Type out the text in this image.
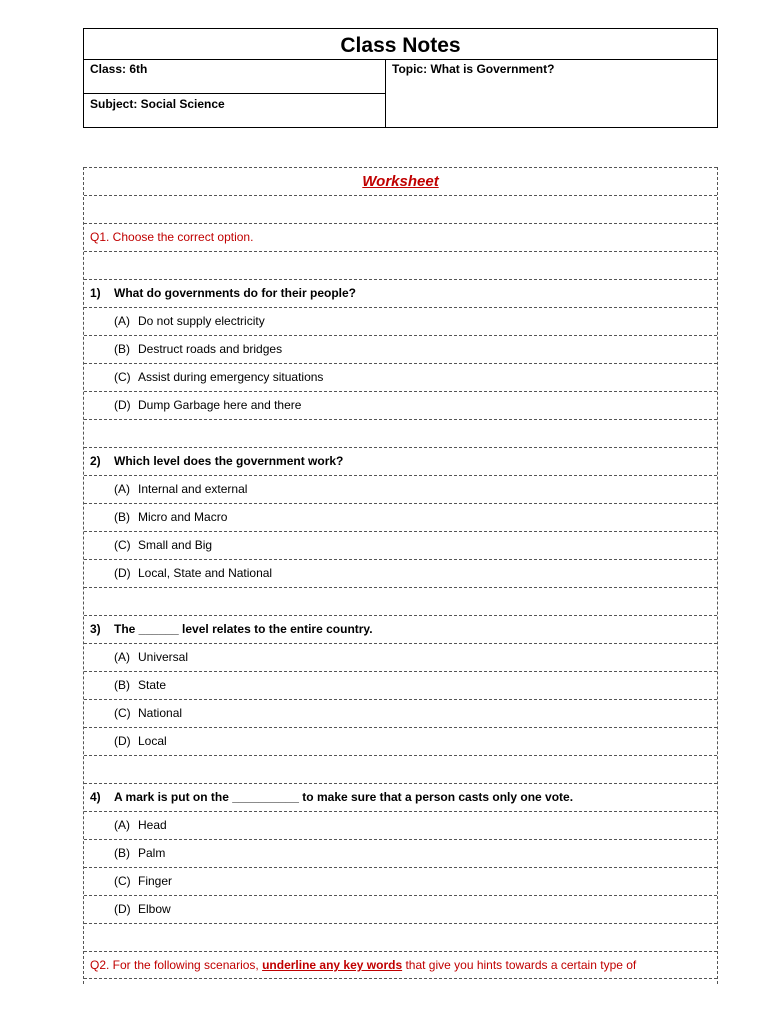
Class Notes
Class: 6th
Subject: Social Science
Topic: What is Government?
Worksheet
Q1. Choose the correct option.
1) What do governments do for their people?
(A) Do not supply electricity
(B) Destruct roads and bridges
(C) Assist during emergency situations
(D) Dump Garbage here and there
2) Which level does the government work?
(A) Internal and external
(B) Micro and Macro
(C) Small and Big
(D) Local, State and National
3) The ______ level relates to the entire country.
(A) Universal
(B) State
(C) National
(D) Local
4) A mark is put on the __________ to make sure that a person casts only one vote.
(A) Head
(B) Palm
(C) Finger
(D) Elbow
Q2. For the following scenarios, underline any key words that give you hints towards a certain type of
